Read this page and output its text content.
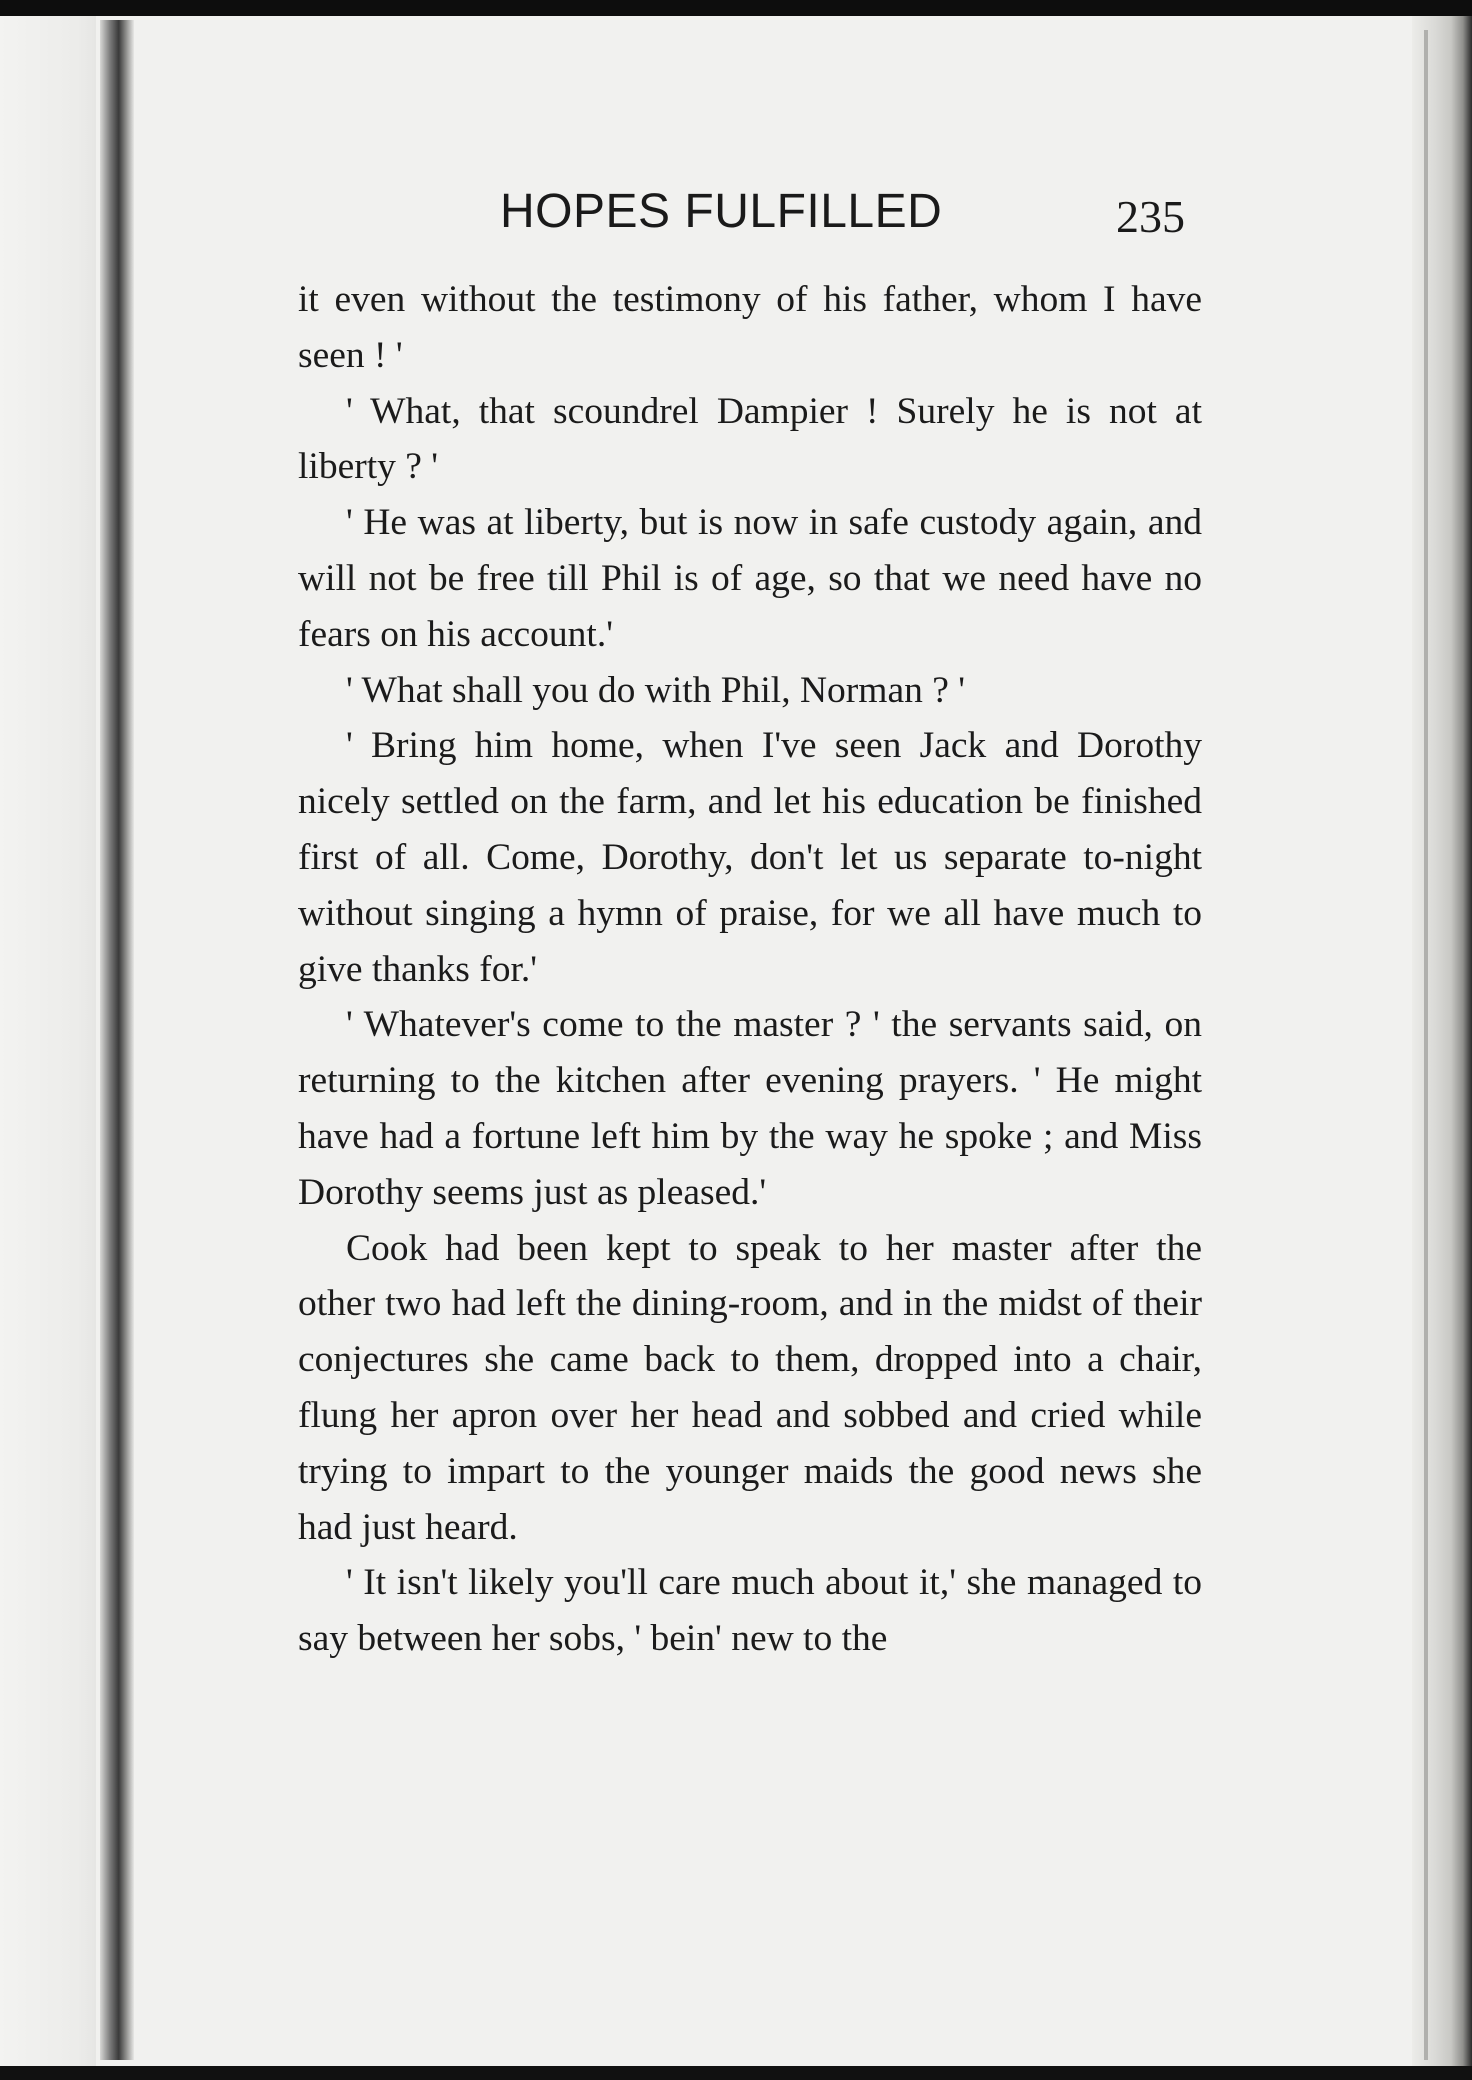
HOPES FULFILLED	235

it even without the testimony of his father, whom I have seen ! '

' What, that scoundrel Dampier ! Surely he is not at liberty ? '

' He was at liberty, but is now in safe custody again, and will not be free till Phil is of age, so that we need have no fears on his account.'

' What shall you do with Phil, Norman ? '

' Bring him home, when I've seen Jack and Dorothy nicely settled on the farm, and let his education be finished first of all. Come, Dorothy, don't let us separate to-night without singing a hymn of praise, for we all have much to give thanks for.'

' Whatever's come to the master ? ' the servants said, on returning to the kitchen after evening prayers. ' He might have had a fortune left him by the way he spoke ; and Miss Dorothy seems just as pleased.'

Cook had been kept to speak to her master after the other two had left the dining-room, and in the midst of their conjectures she came back to them, dropped into a chair, flung her apron over her head and sobbed and cried while trying to impart to the younger maids the good news she had just heard.

' It isn't likely you'll care much about it,' she managed to say between her sobs, ' bein' new to the
